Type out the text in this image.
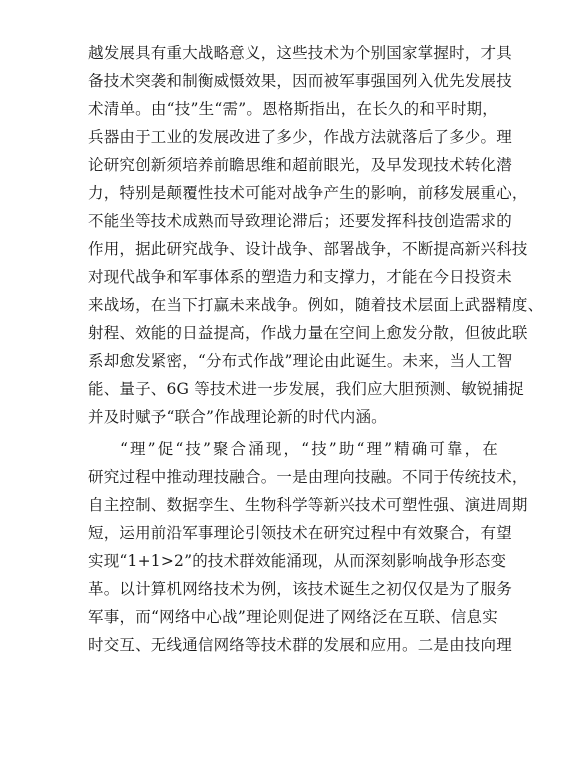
越发展具有重大战略意义，这些技术为个别国家掌握时，才具

备技术突袭和制衡威慑效果，因而被军事强国列入优先发展技

术清单。由“技”生“需”。恩格斯指出，在长久的和平时期，

兵器由于工业的发展改进了多少，作战方法就落后了多少。理

论研究创新须培养前瞻思维和超前眼光，及早发现技术转化潜

力，特别是颠覆性技术可能对战争产生的影响，前移发展重心，

不能坐等技术成熟而导致理论滞后；还要发挥科技创造需求的

作用，据此研究战争、设计战争、部署战争，不断提高新兴科技

对现代战争和军事体系的塑造力和支撑力，才能在今日投资未

来战场，在当下打赢未来战争。例如，随着技术层面上武器精度、

射程、效能的日益提高，作战力量在空间上愈发分散，但彼此联

系却愈发紧密，“分布式作战”理论由此诞生。未来，当人工智

能、量子、6G 等技术进一步发展，我们应大胆预测、敏锐捕捉

并及时赋予“联合”作战理论新的时代内涵。

“理”促“技”聚合涌现，“技”助“理”精确可靠，在

研究过程中推动理技融合。一是由理向技融。不同于传统技术，

自主控制、数据孪生、生物科学等新兴技术可塑性强、演进周期

短，运用前沿军事理论引领技术在研究过程中有效聚合，有望

实现“1+1>2”的技术群效能涌现，从而深刻影响战争形态变

革。以计算机网络技术为例，该技术诞生之初仅仅是为了服务

军事，而“网络中心战”理论则促进了网络泛在互联、信息实

时交互、无线通信网络等技术群的发展和应用。二是由技向理
